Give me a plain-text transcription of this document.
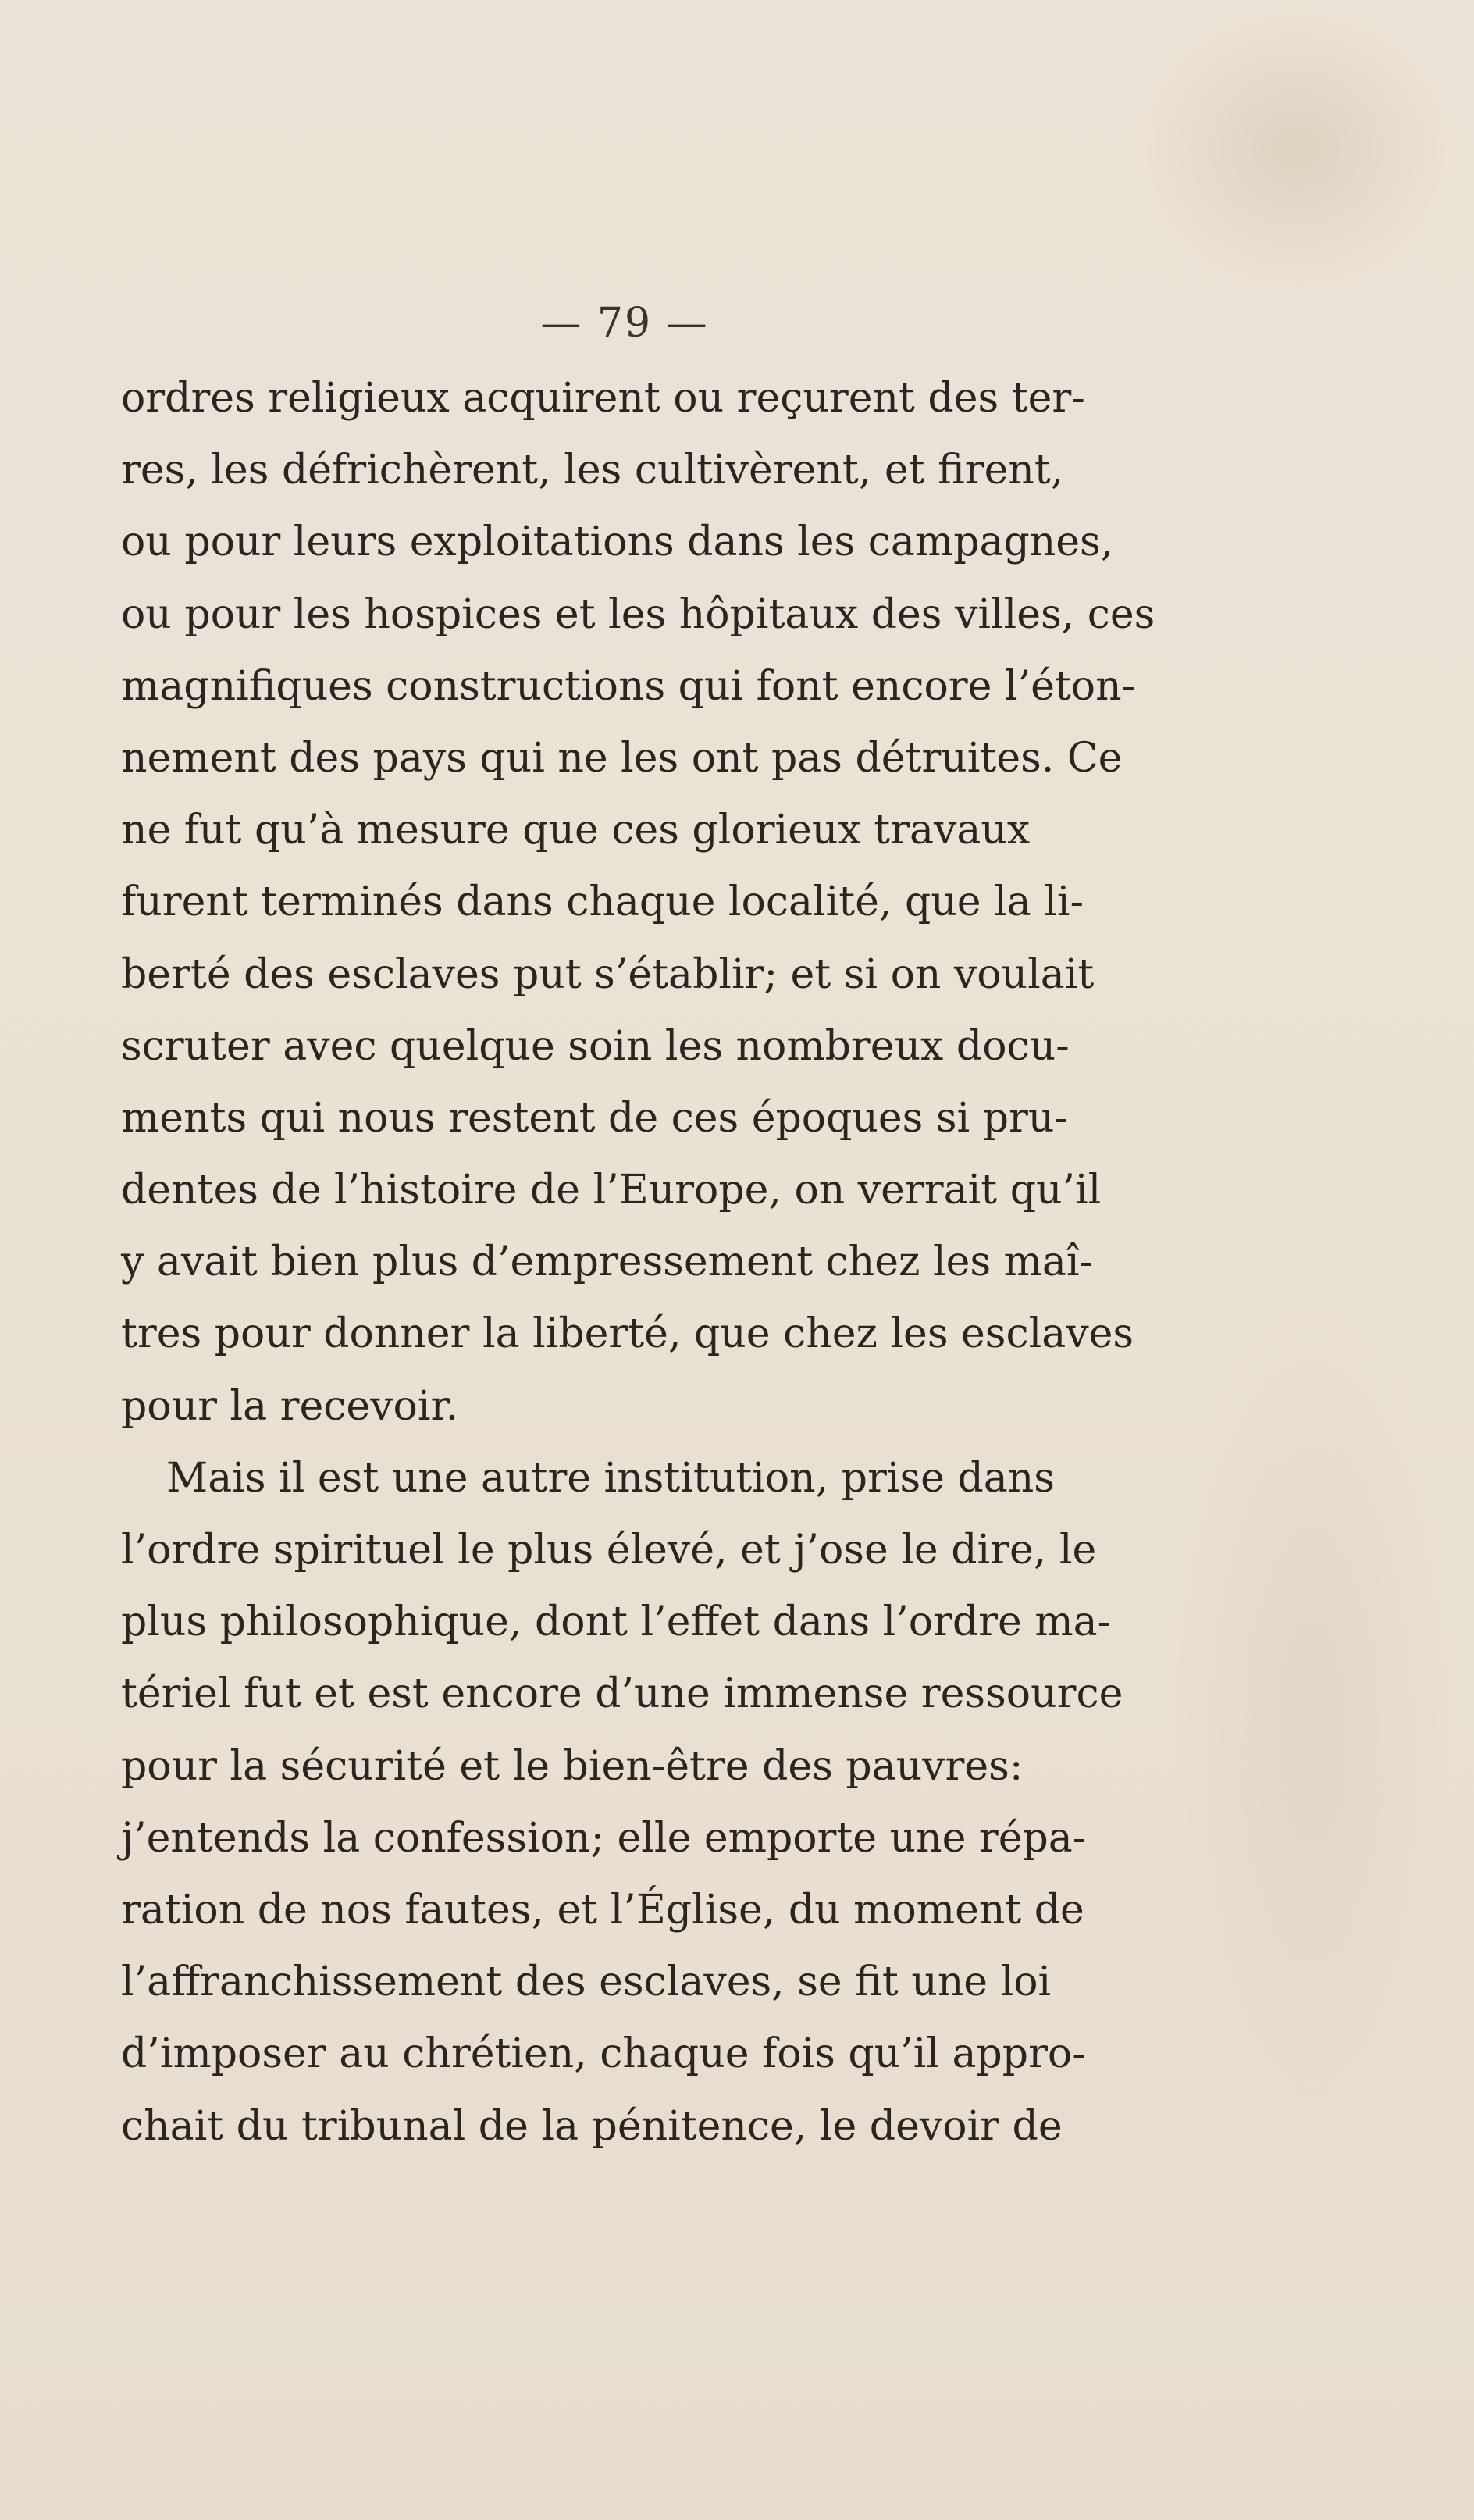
— 79 —
ordres religieux acquirent ou reçurent des ter-
res, les défrichèrent, les cultivèrent, et firent,
ou pour leurs exploitations dans les campagnes,
ou pour les hospices et les hôpitaux des villes, ces
magnifiques constructions qui font encore l’éton-
nement des pays qui ne les ont pas détruites. Ce
ne fut qu’à mesure que ces glorieux travaux
furent terminés dans chaque localité, que la li-
berté des esclaves put s’établir; et si on voulait
scruter avec quelque soin les nombreux docu-
ments qui nous restent de ces époques si pru-
dentes de l’histoire de l’Europe, on verrait qu’il
y avait bien plus d’empressement chez les maî-
tres pour donner la liberté, que chez les esclaves
pour la recevoir.
Mais il est une autre institution, prise dans
l’ordre spirituel le plus élevé, et j’ose le dire, le
plus philosophique, dont l’effet dans l’ordre ma-
tériel fut et est encore d’une immense ressource
pour la sécurité et le bien-être des pauvres:
j’entends la confession; elle emporte une répa-
ration de nos fautes, et l’Église, du moment de
l’affranchissement des esclaves, se fit une loi
d’imposer au chrétien, chaque fois qu’il appro-
chait du tribunal de la pénitence, le devoir de
